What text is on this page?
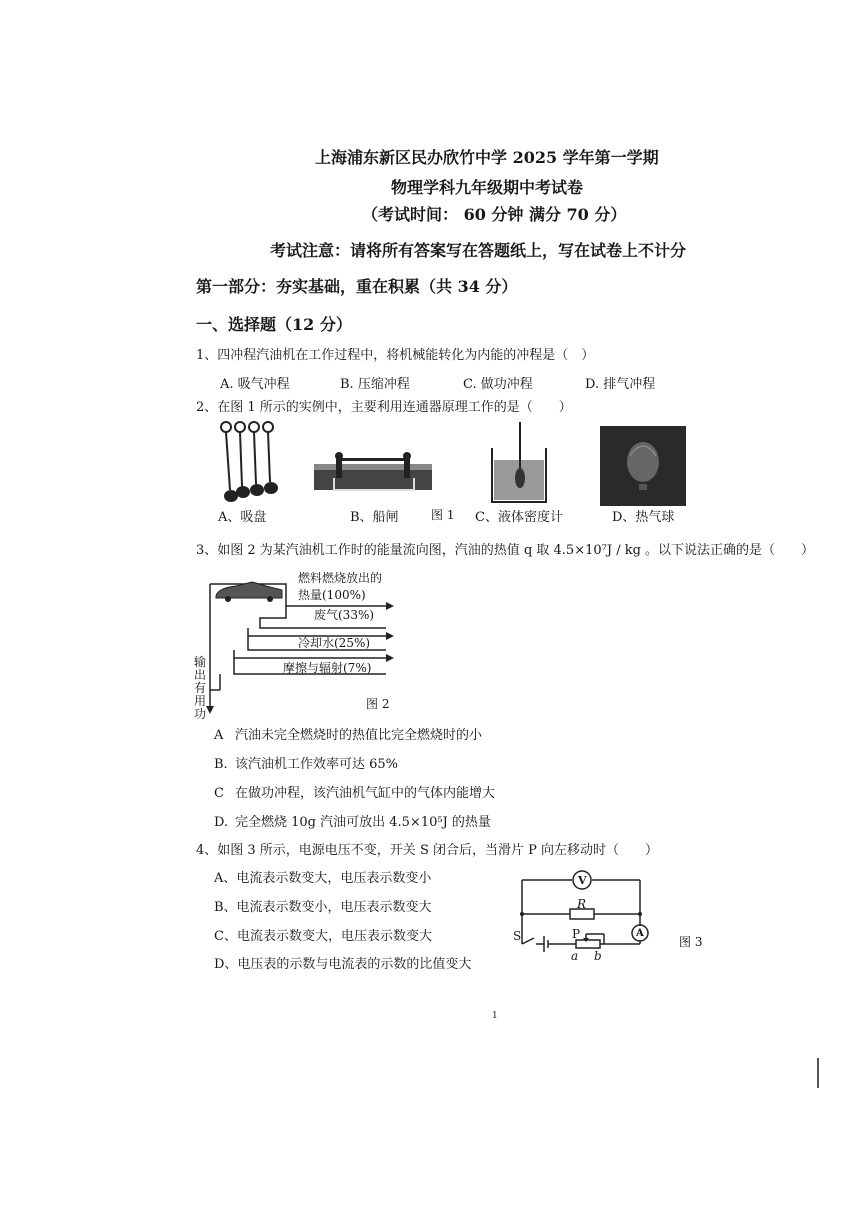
上海浦东新区民办欣竹中学 2025 学年第一学期
物理学科九年级期中考试卷
（考试时间： 60 分钟 满分 70 分）
考试注意：请将所有答案写在答题纸上，写在试卷上不计分
第一部分：夯实基础，重在积累（共 34 分）
一、选择题（12 分）
1、四冲程汽油机在工作过程中，将机械能转化为内能的冲程是（　）
A. 吸气冲程	B. 压缩冲程	C. 做功冲程	D. 排气冲程
2、在图 1 所示的实例中，主要利用连通器原理工作的是（　　）
A、吸盘	B、船闸	图 1 C、液体密度计	D、热气球
3、如图 2 为某汽油机工作时的能量流向图，汽油的热值 q 取 4.5×10⁷J / kg 。以下说法正确的是（　　）
燃料燃烧放出的
热量(100%)
废气(33%)
冷却水(25%)
摩擦与辐射(7%)
输出有用功
图 2
A 汽油未完全燃烧时的热值比完全燃烧时的小
B. 该汽油机工作效率可达 65%
C 在做功冲程，该汽油机气缸中的气体内能增大
D. 完全燃烧 10g 汽油可放出 4.5×10⁵J 的热量
4、如图 3 所示，电源电压不变，开关 S 闭合后，当滑片 P 向左移动时（　　）
A、电流表示数变大，电压表示数变小
B、电流表示数变小，电压表示数变大
C、电流表示数变大，电压表示数变大
D、电压表的示数与电流表的示数的比值变大
V
R
A
S	P
a b
图 3
1
